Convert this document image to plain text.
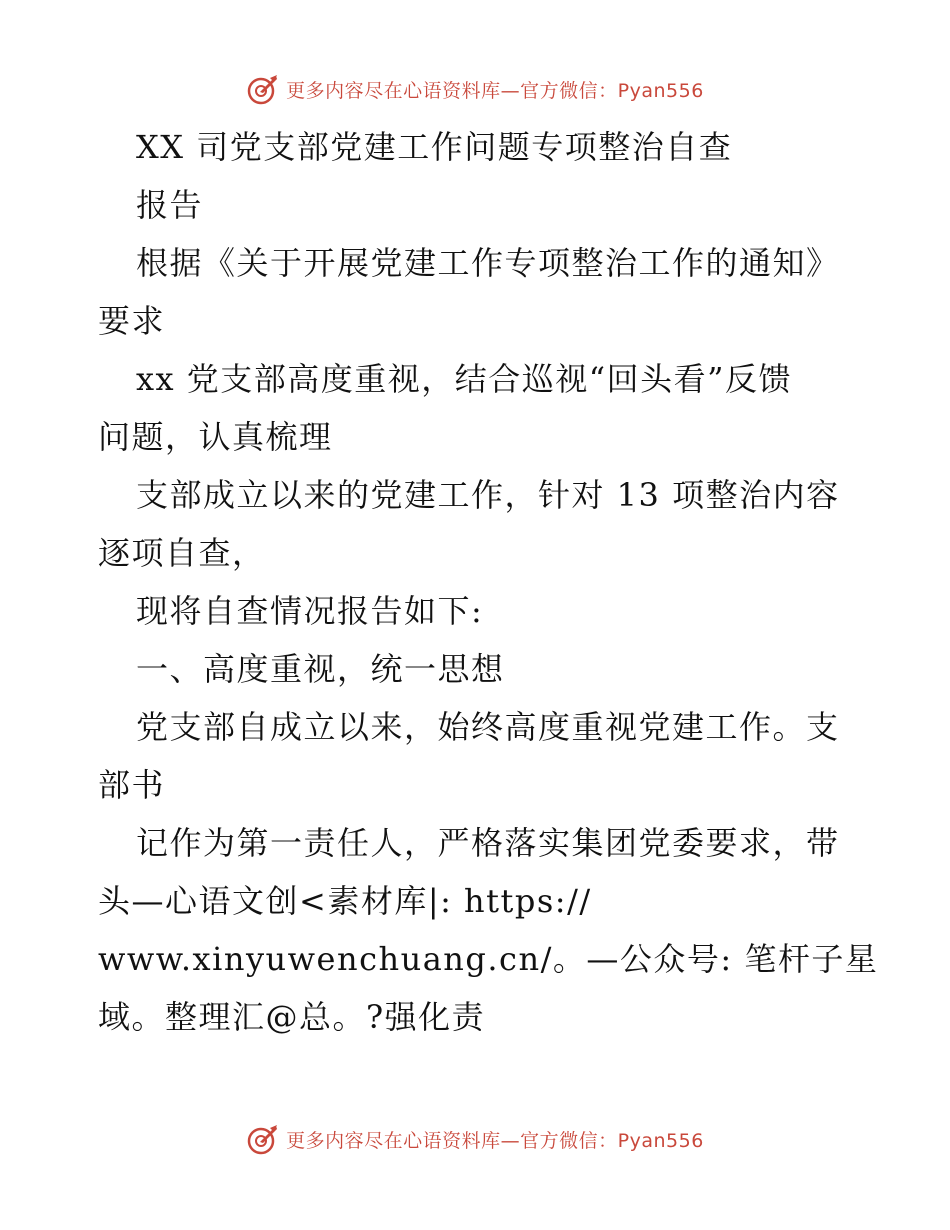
更多内容尽在心语资料库—官方微信：Pyan556
XX 司党支部党建工作问题专项整治自查
报告
根据《关于开展党建工作专项整治工作的通知》
要求
xx 党支部高度重视，结合巡视“回头看”反馈
问题，认真梳理
支部成立以来的党建工作，针对 13 项整治内容
逐项自查，
现将自查情况报告如下:
一、高度重视，统一思想
党支部自成立以来，始终高度重视党建工作。支
部书
记作为第一责任人，严格落实集团党委要求，带
头—心语文创<素材库|: https://
www.xinyuwenchuang.cn/。—公众号: 笔杆子星
域。整理汇@总。?强化责
更多内容尽在心语资料库—官方微信：Pyan556
